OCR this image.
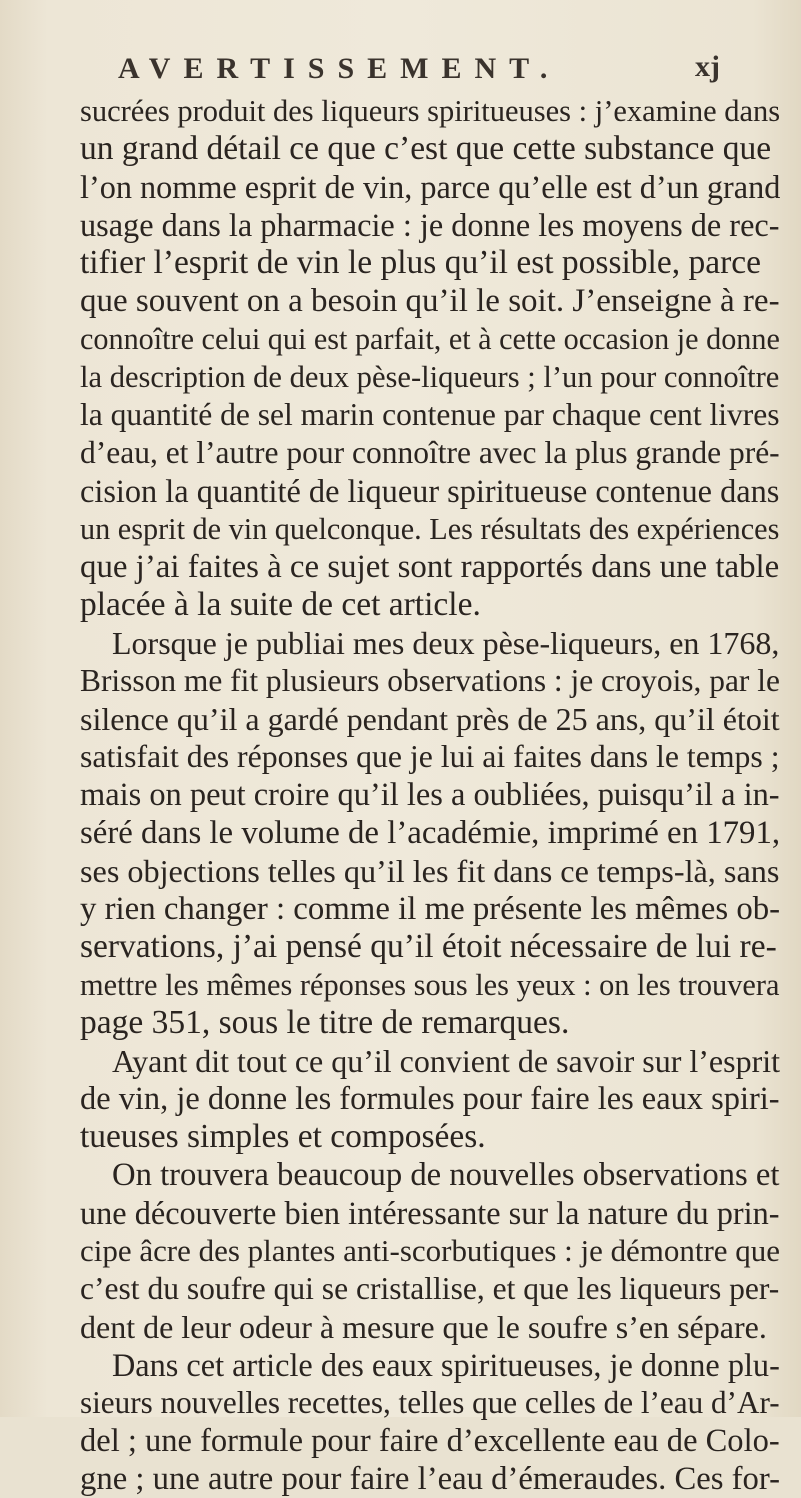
AVERTISSEMENT.	xj
sucrées produit des liqueurs spiritueuses : j’examine dans
un grand détail ce que c’est que cette substance que
l’on nomme esprit de vin, parce qu’elle est d’un grand
usage dans la pharmacie : je donne les moyens de rec-
tifier l’esprit de vin le plus qu’il est possible, parce
que souvent on a besoin qu’il le soit. J’enseigne à re-
connoître celui qui est parfait, et à cette occasion je donne
la description de deux pèse-liqueurs ; l’un pour connoître
la quantité de sel marin contenue par chaque cent livres
d’eau, et l’autre pour connoître avec la plus grande pré-
cision la quantité de liqueur spiritueuse contenue dans
un esprit de vin quelconque. Les résultats des expériences
que j’ai faites à ce sujet sont rapportés dans une table
placée à la suite de cet article.
Lorsque je publiai mes deux pèse-liqueurs, en 1768,
Brisson me fit plusieurs observations : je croyois, par le
silence qu’il a gardé pendant près de 25 ans, qu’il étoit
satisfait des réponses que je lui ai faites dans le temps ;
mais on peut croire qu’il les a oubliées, puisqu’il a in-
séré dans le volume de l’académie, imprimé en 1791,
ses objections telles qu’il les fit dans ce temps-là, sans
y rien changer : comme il me présente les mêmes ob-
servations, j’ai pensé qu’il étoit nécessaire de lui re-
mettre les mêmes réponses sous les yeux : on les trouvera
page 351, sous le titre de remarques.
Ayant dit tout ce qu’il convient de savoir sur l’esprit
de vin, je donne les formules pour faire les eaux spiri-
tueuses simples et composées.
On trouvera beaucoup de nouvelles observations et
une découverte bien intéressante sur la nature du prin-
cipe âcre des plantes anti-scorbutiques : je démontre que
c’est du soufre qui se cristallise, et que les liqueurs per-
dent de leur odeur à mesure que le soufre s’en sépare.
Dans cet article des eaux spiritueuses, je donne plu-
sieurs nouvelles recettes, telles que celles de l’eau d’Ar-
del ; une formule pour faire d’excellente eau de Colo-
gne ; une autre pour faire l’eau d’émeraudes. Ces for-
